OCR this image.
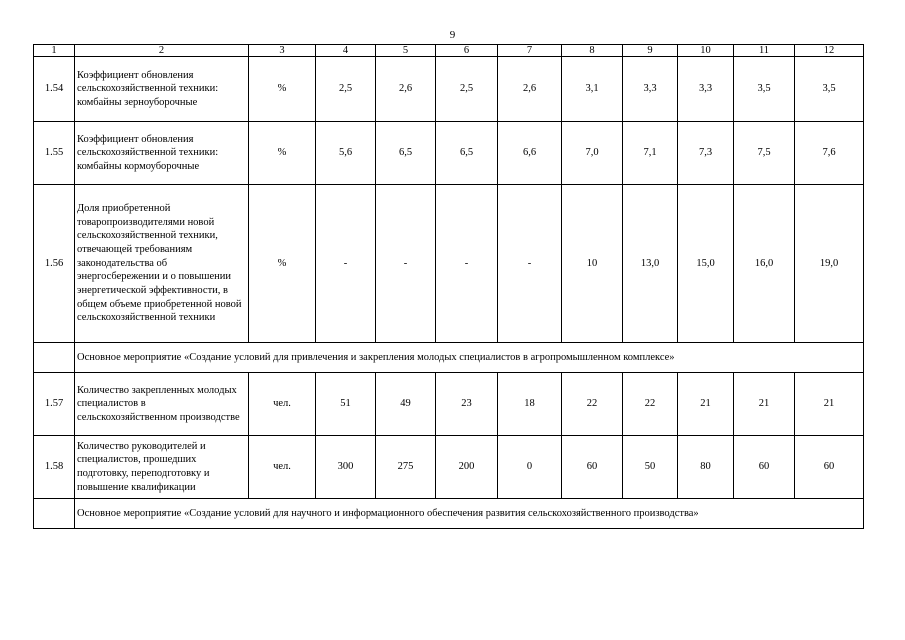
9
1	2	3	4	5	6	7	8	9	10	11	12
1.54	Коэффициент обновления сельскохозяйственной техники: комбайны зерноуборочные	%	2,5	2,6	2,5	2,6	3,1	3,3	3,3	3,5	3,5
1.55	Коэффициент обновления сельскохозяйственной техники: комбайны кормоуборочные	%	5,6	6,5	6,5	6,6	7,0	7,1	7,3	7,5	7,6
1.56	Доля приобретенной товаропроизводителями новой сельскохозяйственной техники, отвечающей требованиям законодательства об энергосбережении и о повышении энергетической эффективности, в общем объеме приобретенной новой сельскохозяйственной техники	%	-	-	-	-	10	13,0	15,0	16,0	19,0
	Основное мероприятие «Создание условий для привлечения и закрепления молодых специалистов в агропромышленном комплексе»										
1.57	Количество закрепленных молодых специалистов в сельскохозяйственном производстве	чел.	51	49	23	18	22	22	21	21	21
1.58	Количество руководителей и специалистов, прошедших подготовку, переподготовку и повышение квалификации	чел.	300	275	200	0	60	50	80	60	60
	Основное мероприятие «Создание условий для научного и информационного обеспечения развития сельскохозяйственного производства»										
